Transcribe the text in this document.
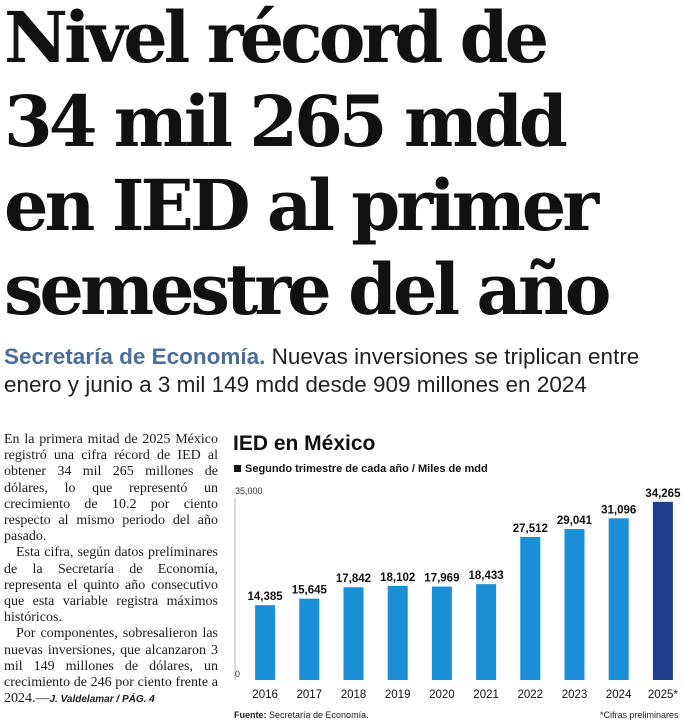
Nivel récord de
34 mil 265 mdd
en IED al primer
semestre del año
Secretaría de Economía. Nuevas inversiones se triplican entre enero y junio a 3 mil 149 mdd desde 909 millones en 2024

En la primera mitad de 2025 México registró una cifra récord de IED al obtener 34 mil 265 millones de dólares, lo que representó un crecimiento de 10.2 por ciento respecto al mismo periodo del año pasado.

Esta cifra, según datos preliminares de la Secretaría de Economía, representa el quinto año consecutivo que esta variable registra máximos históricos.

Por componentes, sobresalieron las nuevas inversiones, que alcanzaron 3 mil 149 millones de dólares, un crecimiento de 246 por ciento frente a 2024.—J. Valdelamar / PÁG. 4

IED en México
Segundo trimestre de cada año / Miles de mdd
14,385
15,645
17,842 18,102 17,969 18,433
27,512
29,041
31,096
34,265
2016 2017 2018 2019 2020 2021 2022 2023 2024 2025*
35,000
0
Fuente: Secretaría de Economía.	*Cifras preliminares
